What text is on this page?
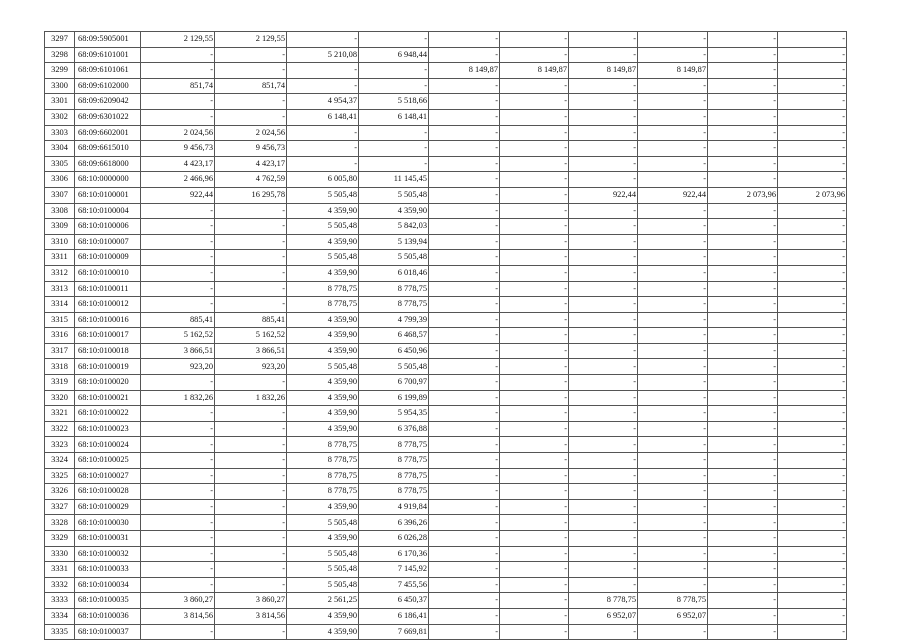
3297	68:09:5905001	2 129,55	2 129,55	-	-	-	-	-	-	-	-
3298	68:09:6101001	-	-	5 210,08	6 948,44	-	-	-	-	-	-
3299	68:09:6101061	-	-	-	-	8 149,87	8 149,87	8 149,87	8 149,87	-	-
3300	68:09:6102000	851,74	851,74	-	-	-	-	-	-	-	-
3301	68:09:6209042	-	-	4 954,37	5 518,66	-	-	-	-	-	-
3302	68:09:6301022	-	-	6 148,41	6 148,41	-	-	-	-	-	-
3303	68:09:6602001	2 024,56	2 024,56	-	-	-	-	-	-	-	-
3304	68:09:6615010	9 456,73	9 456,73	-	-	-	-	-	-	-	-
3305	68:09:6618000	4 423,17	4 423,17	-	-	-	-	-	-	-	-
3306	68:10:0000000	2 466,96	4 762,59	6 005,80	11 145,45	-	-	-	-	-	-
3307	68:10:0100001	922,44	16 295,78	5 505,48	5 505,48	-	-	922,44	922,44	2 073,96	2 073,96
3308	68:10:0100004	-	-	4 359,90	4 359,90	-	-	-	-	-	-
3309	68:10:0100006	-	-	5 505,48	5 842,03	-	-	-	-	-	-
3310	68:10:0100007	-	-	4 359,90	5 139,94	-	-	-	-	-	-
3311	68:10:0100009	-	-	5 505,48	5 505,48	-	-	-	-	-	-
3312	68:10:0100010	-	-	4 359,90	6 018,46	-	-	-	-	-	-
3313	68:10:0100011	-	-	8 778,75	8 778,75	-	-	-	-	-	-
3314	68:10:0100012	-	-	8 778,75	8 778,75	-	-	-	-	-	-
3315	68:10:0100016	885,41	885,41	4 359,90	4 799,39	-	-	-	-	-	-
3316	68:10:0100017	5 162,52	5 162,52	4 359,90	6 468,57	-	-	-	-	-	-
3317	68:10:0100018	3 866,51	3 866,51	4 359,90	6 450,96	-	-	-	-	-	-
3318	68:10:0100019	923,20	923,20	5 505,48	5 505,48	-	-	-	-	-	-
3319	68:10:0100020	-	-	4 359,90	6 700,97	-	-	-	-	-	-
3320	68:10:0100021	1 832,26	1 832,26	4 359,90	6 199,89	-	-	-	-	-	-
3321	68:10:0100022	-	-	4 359,90	5 954,35	-	-	-	-	-	-
3322	68:10:0100023	-	-	4 359,90	6 376,88	-	-	-	-	-	-
3323	68:10:0100024	-	-	8 778,75	8 778,75	-	-	-	-	-	-
3324	68:10:0100025	-	-	8 778,75	8 778,75	-	-	-	-	-	-
3325	68:10:0100027	-	-	8 778,75	8 778,75	-	-	-	-	-	-
3326	68:10:0100028	-	-	8 778,75	8 778,75	-	-	-	-	-	-
3327	68:10:0100029	-	-	4 359,90	4 919,84	-	-	-	-	-	-
3328	68:10:0100030	-	-	5 505,48	6 396,26	-	-	-	-	-	-
3329	68:10:0100031	-	-	4 359,90	6 026,28	-	-	-	-	-	-
3330	68:10:0100032	-	-	5 505,48	6 170,36	-	-	-	-	-	-
3331	68:10:0100033	-	-	5 505,48	7 145,92	-	-	-	-	-	-
3332	68:10:0100034	-	-	5 505,48	7 455,56	-	-	-	-	-	-
3333	68:10:0100035	3 860,27	3 860,27	2 561,25	6 450,37	-	-	8 778,75	8 778,75	-	-
3334	68:10:0100036	3 814,56	3 814,56	4 359,90	6 186,41	-	-	6 952,07	6 952,07	-	-
3335	68:10:0100037	-	-	4 359,90	7 669,81	-	-	-	-	-	-
